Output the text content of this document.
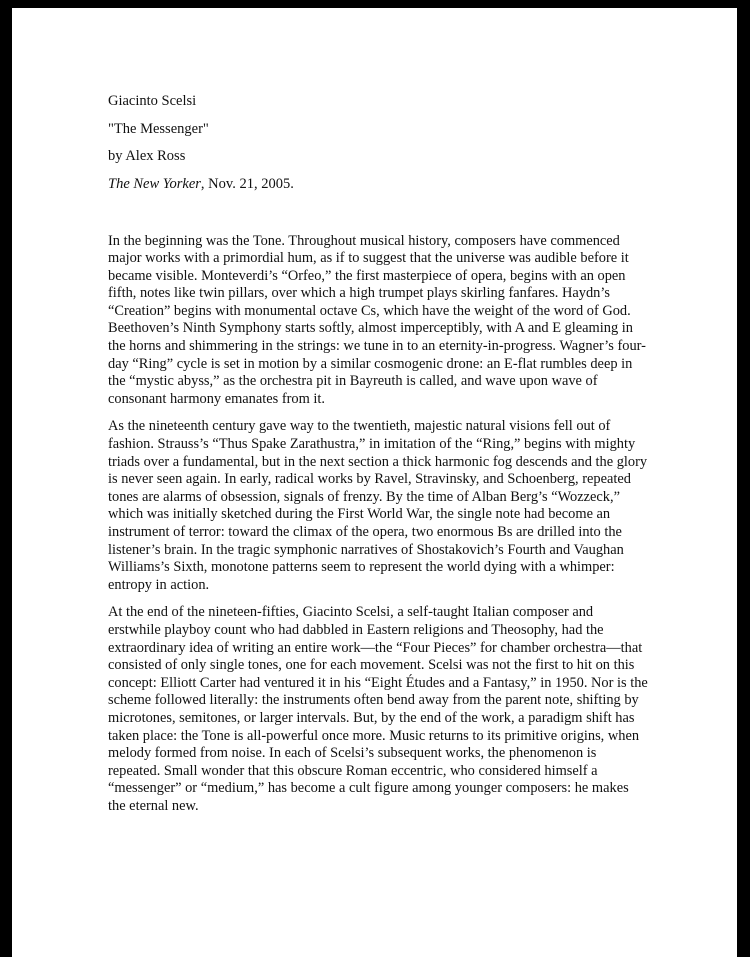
Giacinto Scelsi
"The Messenger"
by Alex Ross
The New Yorker, Nov. 21, 2005.

In the beginning was the Tone. Throughout musical history, composers have commenced major works with a primordial hum, as if to suggest that the universe was audible before it became visible. Monteverdi’s “Orfeo,” the first masterpiece of opera, begins with an open fifth, notes like twin pillars, over which a high trumpet plays skirling fanfares. Haydn’s “Creation” begins with monumental octave Cs, which have the weight of the word of God. Beethoven’s Ninth Symphony starts softly, almost imperceptibly, with A and E gleaming in the horns and shimmering in the strings: we tune in to an eternity-in-progress. Wagner’s four-day “Ring” cycle is set in motion by a similar cosmogenic drone: an E-flat rumbles deep in the “mystic abyss,” as the orchestra pit in Bayreuth is called, and wave upon wave of consonant harmony emanates from it.

As the nineteenth century gave way to the twentieth, majestic natural visions fell out of fashion. Strauss’s “Thus Spake Zarathustra,” in imitation of the “Ring,” begins with mighty triads over a fundamental, but in the next section a thick harmonic fog descends and the glory is never seen again. In early, radical works by Ravel, Stravinsky, and Schoenberg, repeated tones are alarms of obsession, signals of frenzy. By the time of Alban Berg’s “Wozzeck,” which was initially sketched during the First World War, the single note had become an instrument of terror: toward the climax of the opera, two enormous Bs are drilled into the listener’s brain. In the tragic symphonic narratives of Shostakovich’s Fourth and Vaughan Williams’s Sixth, monotone patterns seem to represent the world dying with a whimper: entropy in action.

At the end of the nineteen-fifties, Giacinto Scelsi, a self-taught Italian composer and erstwhile playboy count who had dabbled in Eastern religions and Theosophy, had the extraordinary idea of writing an entire work—the “Four Pieces” for chamber orchestra—that consisted of only single tones, one for each movement. Scelsi was not the first to hit on this concept: Elliott Carter had ventured it in his “Eight Études and a Fantasy,” in 1950. Nor is the scheme followed literally: the instruments often bend away from the parent note, shifting by microtones, semitones, or larger intervals. But, by the end of the work, a paradigm shift has taken place: the Tone is all-powerful once more. Music returns to its primitive origins, when melody formed from noise. In each of Scelsi’s subsequent works, the phenomenon is repeated. Small wonder that this obscure Roman eccentric, who considered himself a “messenger” or “medium,” has become a cult figure among younger composers: he makes the eternal new.
